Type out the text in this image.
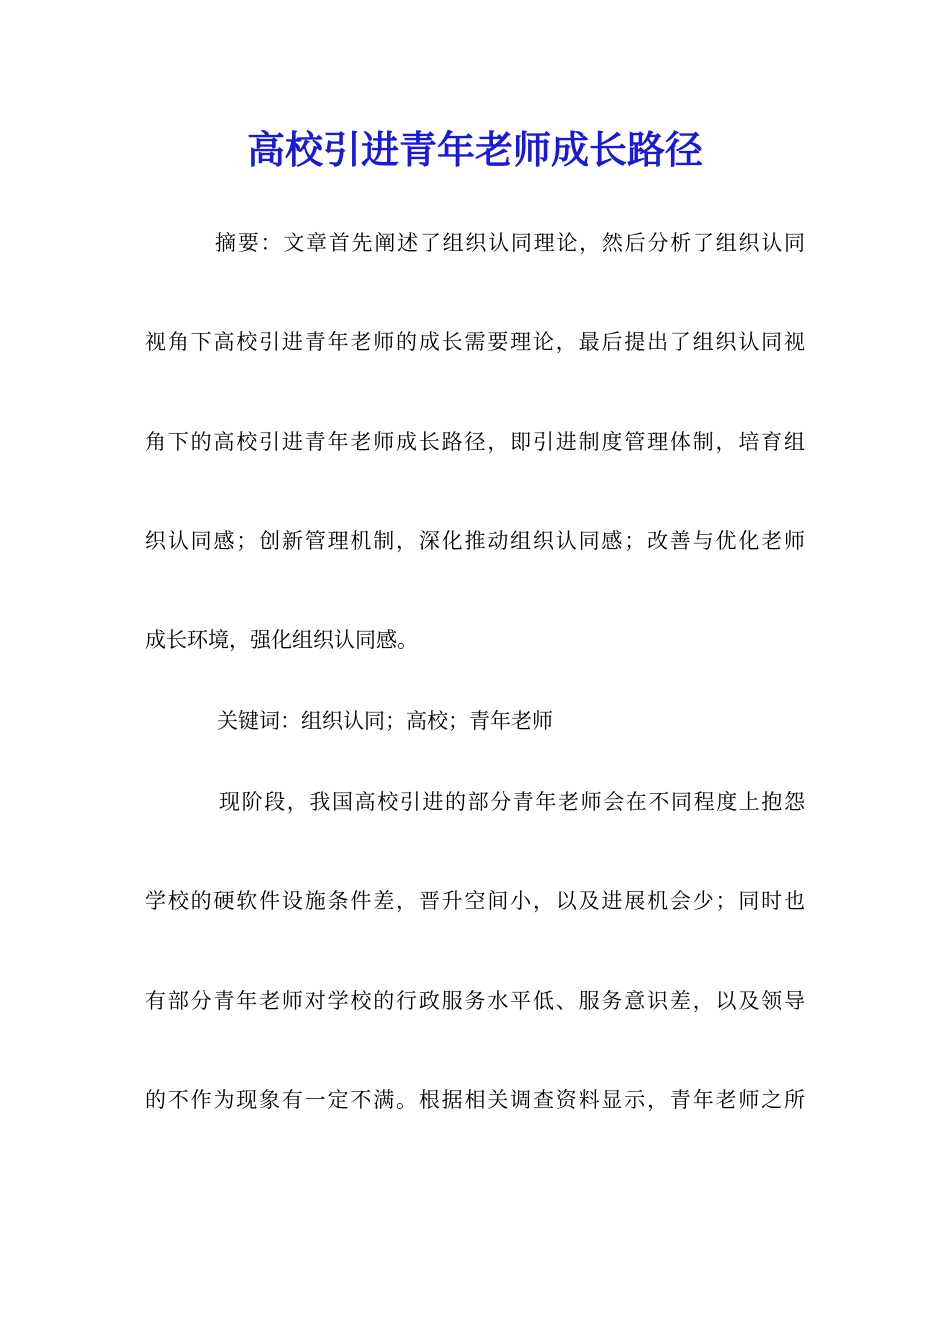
高校引进青年老师成长路径

摘要：文章首先阐述了组织认同理论，然后分析了组织认同

视角下高校引进青年老师的成长需要理论，最后提出了组织认同视

角下的高校引进青年老师成长路径，即引进制度管理体制，培育组

织认同感；创新管理机制，深化推动组织认同感；改善与优化老师

成长环境，强化组织认同感。

关键词：组织认同；高校；青年老师

现阶段，我国高校引进的部分青年老师会在不同程度上抱怨

学校的硬软件设施条件差，晋升空间小，以及进展机会少；同时也

有部分青年老师对学校的行政服务水平低、服务意识差，以及领导

的不作为现象有一定不满。根据相关调查资料显示，青年老师之所
